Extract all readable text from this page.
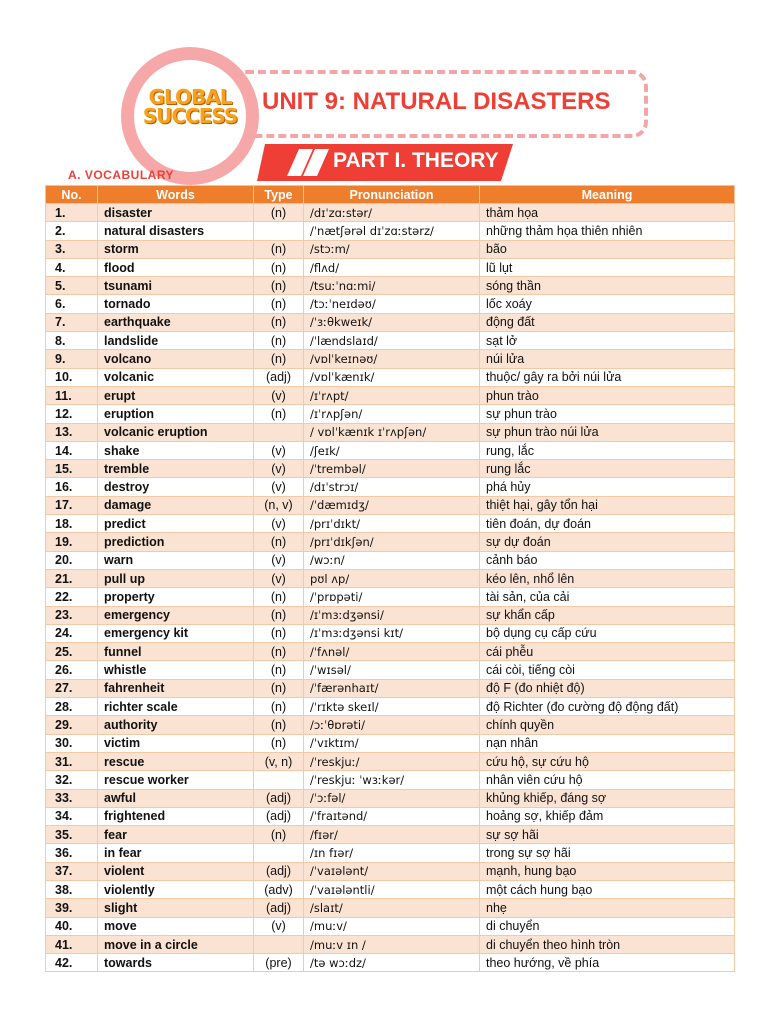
GLOBAL
SUCCESS
UNIT 9: NATURAL DISASTERS
PART I. THEORY
A. VOCABULARY
No.	Words	Type	Pronunciation	Meaning
1.	disaster	(n)	/dɪˈzɑːstər/	thảm họa
2.	natural disasters		/ˈnætʃərəl dɪˈzɑːstərz/	những thảm họa thiên nhiên
3.	storm	(n)	/stɔːm/	bão
4.	flood	(n)	/flʌd/	lũ lụt
5.	tsunami	(n)	/tsuːˈnɑːmi/	sóng thần
6.	tornado	(n)	/tɔːˈneɪdəʊ/	lốc xoáy
7.	earthquake	(n)	/ˈɜːθkweɪk/	động đất
8.	landslide	(n)	/ˈlændslaɪd/	sạt lở
9.	volcano	(n)	/vɒlˈkeɪnəʊ/	núi lửa
10.	volcanic	(adj)	/vɒlˈkænɪk/	thuộc/ gây ra bởi núi lửa
11.	erupt	(v)	/ɪˈrʌpt/	phun trào
12.	eruption	(n)	/ɪˈrʌpʃən/	sự phun trào
13.	volcanic eruption		/ vɒlˈkænɪk ɪˈrʌpʃən/	sự phun trào núi lửa
14.	shake	(v)	/ʃeɪk/	rung, lắc
15.	tremble	(v)	/ˈtrembəl/	rung lắc
16.	destroy	(v)	/dɪˈstrɔɪ/	phá hủy
17.	damage	(n, v)	/ˈdæmɪdʒ/	thiệt hại, gây tổn hại
18.	predict	(v)	/prɪˈdɪkt/	tiên đoán, dự đoán
19.	prediction	(n)	/prɪˈdɪkʃən/	sự dự đoán
20.	warn	(v)	/wɔːn/	cảnh báo
21.	pull up	(v)	pʊl ʌp/	kéo lên, nhổ lên
22.	property	(n)	/ˈprɒpəti/	tài sản, của cải
23.	emergency	(n)	/ɪˈmɜːdʒənsi/	sự khẩn cấp
24.	emergency kit	(n)	/ɪˈmɜːdʒənsi kɪt/	bộ dụng cụ cấp cứu
25.	funnel	(n)	/ˈfʌnəl/	cái phễu
26.	whistle	(n)	/ˈwɪsəl/	cái còi, tiếng còi
27.	fahrenheit	(n)	/ˈfærənhaɪt/	độ F (đo nhiệt độ)
28.	richter scale	(n)	/ˈrɪktə skeɪl/	độ Richter (đo cường độ động đất)
29.	authority	(n)	/ɔːˈθɒrəti/	chính quyền
30.	victim	(n)	/ˈvɪktɪm/	nạn nhân
31.	rescue	(v, n)	/ˈreskjuː/	cứu hộ, sự cứu hộ
32.	rescue worker		/ˈreskjuː ˈwɜːkər/	nhân viên cứu hộ
33.	awful	(adj)	/ˈɔːfəl/	khủng khiếp, đáng sợ
34.	frightened	(adj)	/ˈfraɪtənd/	hoảng sợ, khiếp đảm
35.	fear	(n)	/fɪər/	sự sợ hãi
36.	in fear		/ɪn fɪər/	trong sự sợ hãi
37.	violent	(adj)	/ˈvaɪələnt/	mạnh, hung bạo
38.	violently	(adv)	/ˈvaɪələntli/	một cách hung bạo
39.	slight	(adj)	/slaɪt/	nhẹ
40.	move	(v)	/muːv/	di chuyển
41.	move in a circle		/muːv ɪn /	di chuyển theo hình tròn
42.	towards	(pre)	/tə wɔːdz/	theo hướng, về phía
